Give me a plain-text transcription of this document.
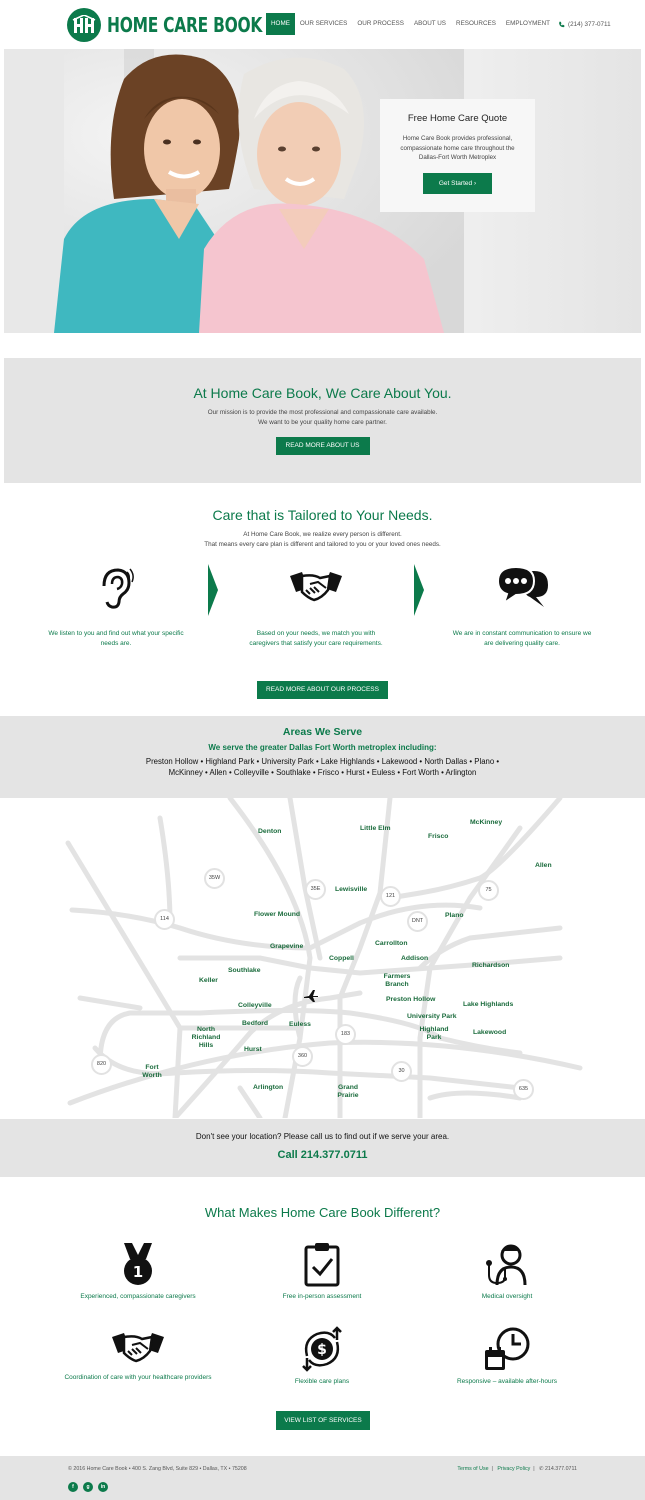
HOME CARE BOOK	HOME	OUR SERVICES	OUR PROCESS	ABOUT US	RESOURCES	EMPLOYMENT	(214) 377-0711
Free Home Care Quote

Home Care Book provides professional, compassionate home care throughout the Dallas-Fort Worth Metroplex

Get Started ›
At Home Care Book, We Care About You.

Our mission is to provide the most professional and compassionate care available.

We want to be your quality home care partner.

READ MORE ABOUT US
Care that is Tailored to Your Needs.

At Home Care Book, we realize every person is different.

That means every care plan is different and tailored to you or your loved ones needs.

We listen to you and find out what your specific needs are.

Based on your needs, we match you with caregivers that satisfy your care requirements.

We are in constant communication to ensure we are delivering quality care.

READ MORE ABOUT OUR PROCESS
Areas We Serve
We serve the greater Dallas Fort Worth metroplex including:

Preston Hollow • Highland Park • University Park • Lake Highlands • Lakewood • North Dallas • Plano • McKinney • Allen • Colleyville • Southlake • Frisco • Hurst • Euless • Fort Worth • Arlington

Denton	Little Elm
Frisco
McKinney
Allen
Lewisville
Plano
Flower Mound
Carrollton
Grapevine
Addison
Coppell
Richardson
Southlake
Keller
Farmers Branch
Preston Hollow
Colleyville	Lake Highlands
University Park
Bedford	Euless
Highland Park
Lakewood
North Richland Hills
Hurst
Fort Worth
Arlington	Grand Prairie
35W
35E
121
75
114	DNT
183
360
820
30
635

Don't see your location? Please call us to find out if we serve your area.

Call 214.377.0711
What Makes Home Care Book Different?
1
Experienced, compassionate caregivers	Free in-person assessment	Medical oversight
Coordination of care with your healthcare providers
$
Flexible care plans	Responsive – available after-hours
VIEW LIST OF SERVICES
© 2016 Home Care Book • 400 S. Zang Blvd, Suite 829 • Dallas, TX • 75208	Terms of Use  |   Privacy Policy  |   ✆ 214.377.0711
f	g	in
